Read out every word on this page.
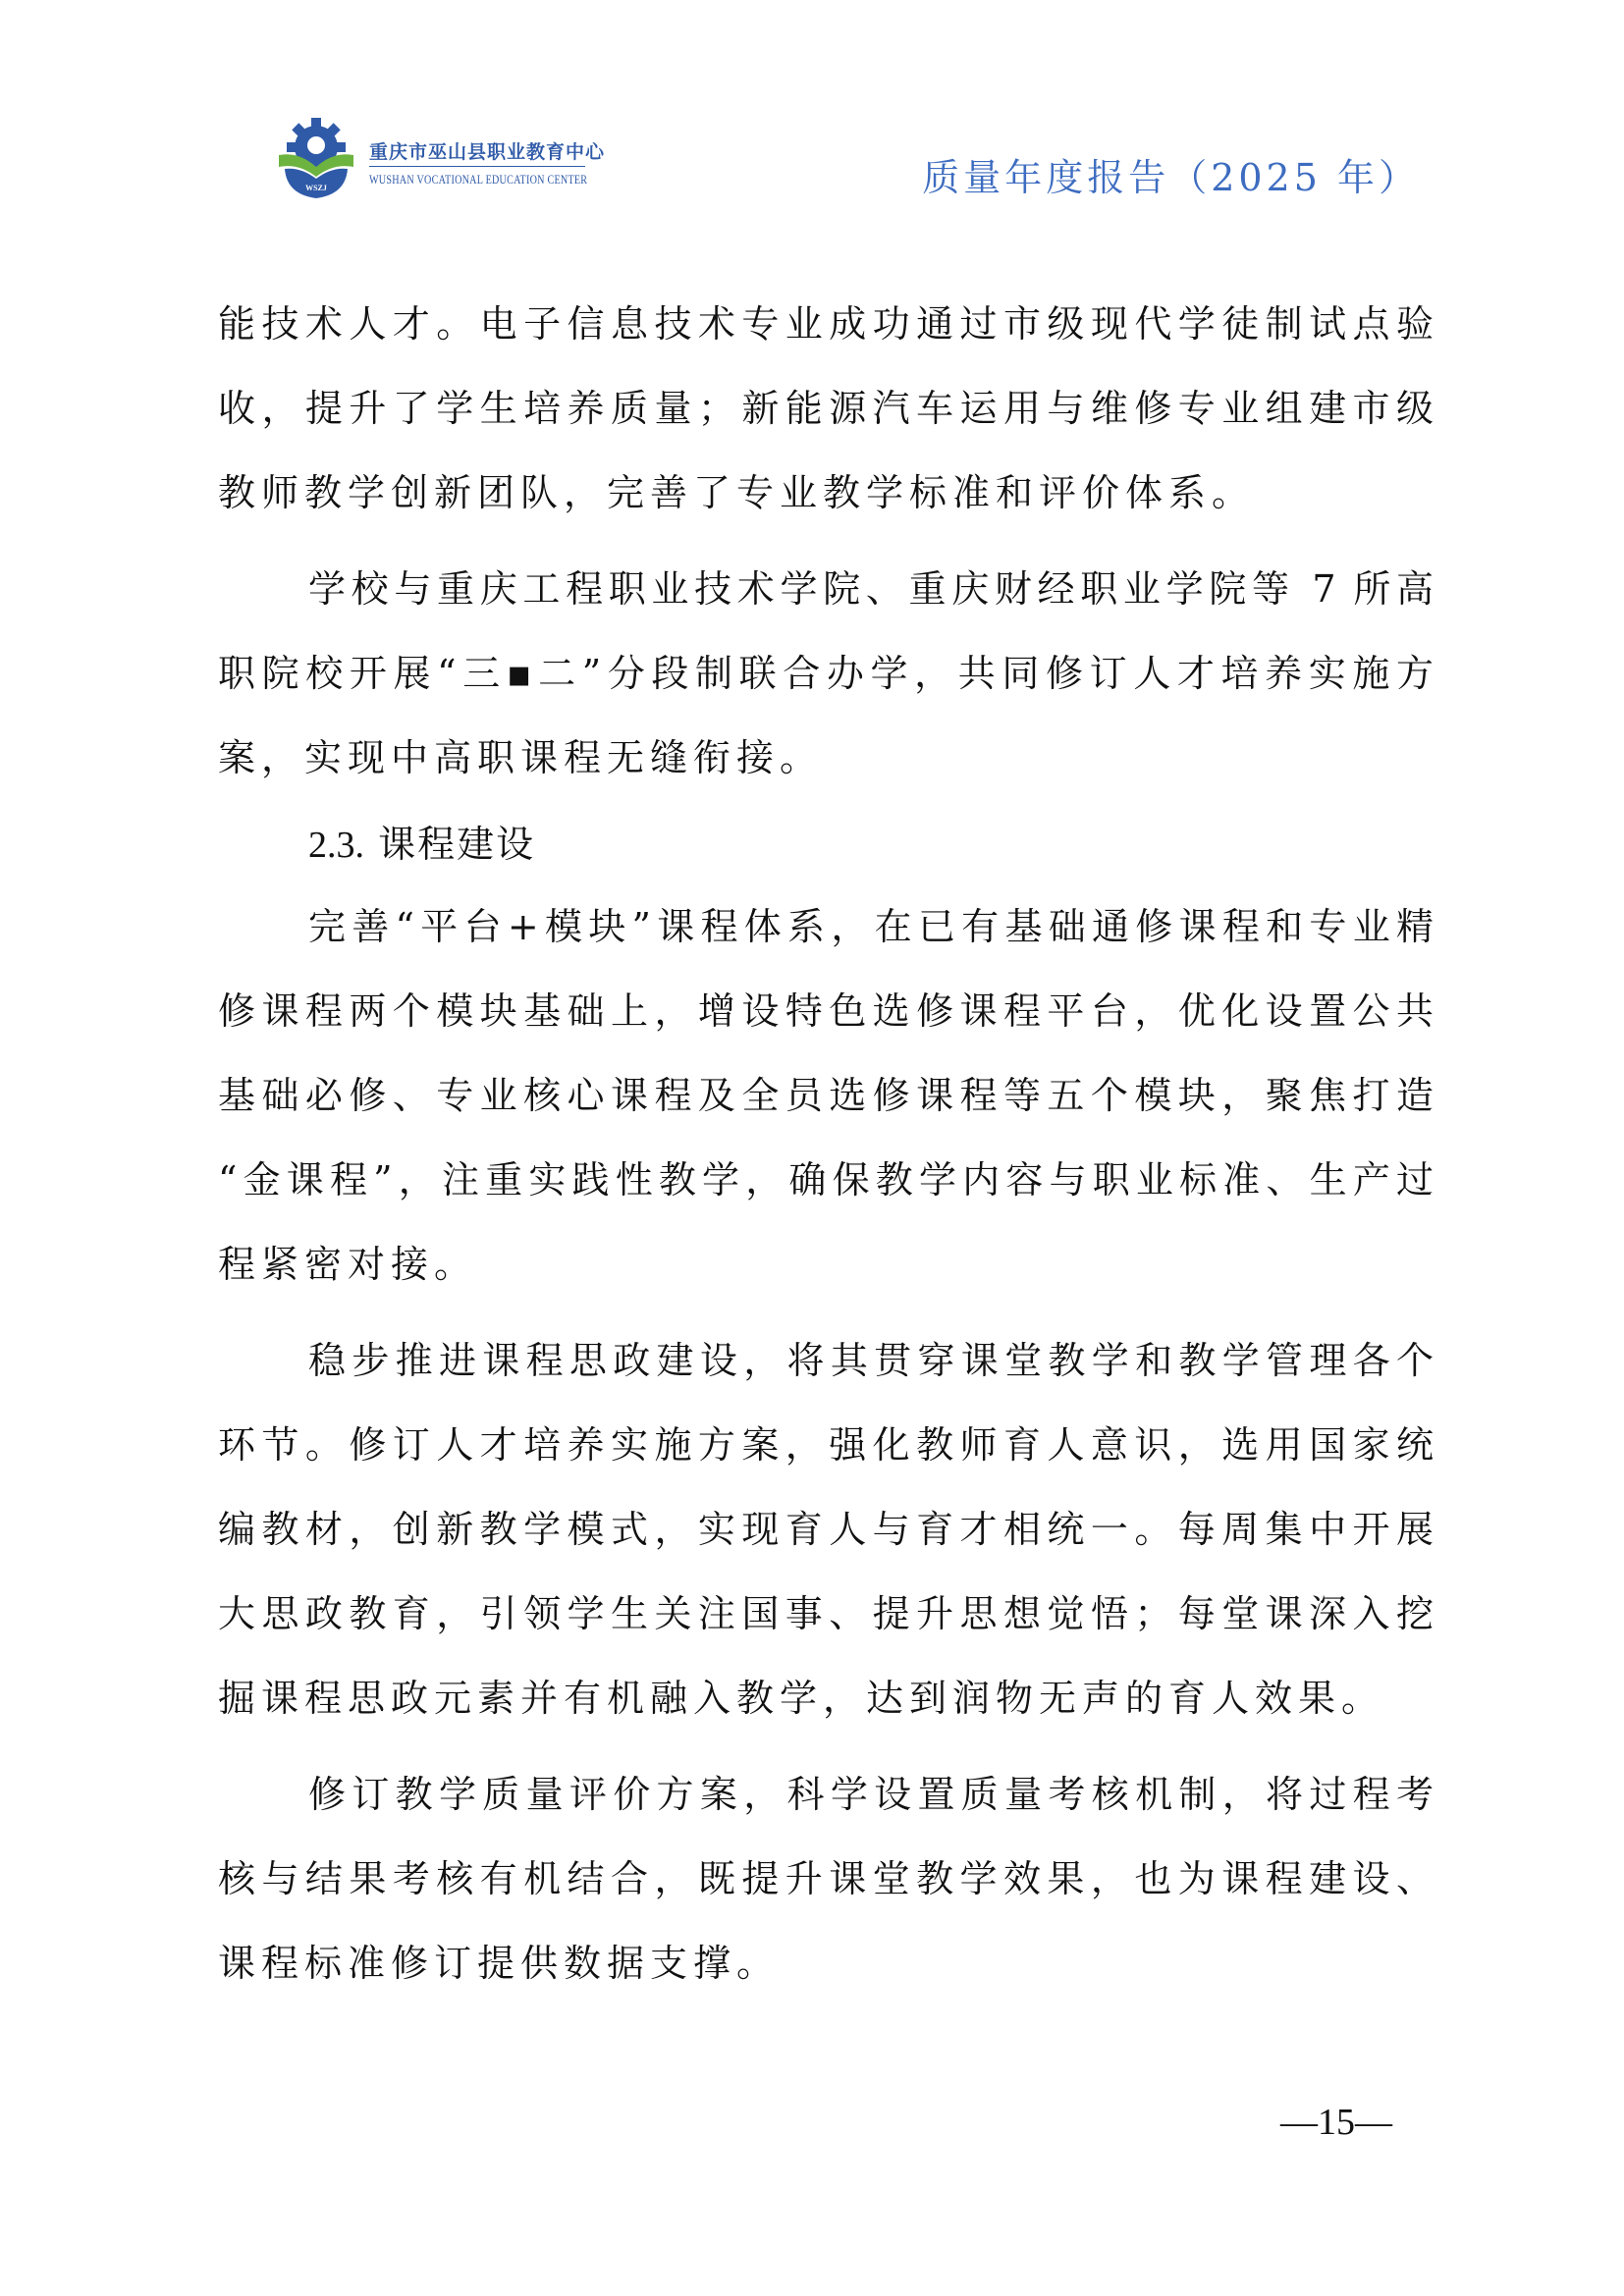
WSZJ
重庆市巫山县职业教育中心
WUSHAN VOCATIONAL EDUCATION CENTER	质量年度报告（2025 年）
能技术人才。电子信息技术专业成功通过市级现代学徒制试点验
收，提升了学生培养质量；新能源汽车运用与维修专业组建市级
教师教学创新团队，完善了专业教学标准和评价体系。
学校与重庆工程职业技术学院、重庆财经职业学院等 7 所高
职院校开展“三▪二”分段制联合办学，共同修订人才培养实施方
案，实现中高职课程无缝衔接。
2.3. 课程建设
完善“平台+模块”课程体系，在已有基础通修课程和专业精
修课程两个模块基础上，增设特色选修课程平台，优化设置公共
基础必修、专业核心课程及全员选修课程等五个模块，聚焦打造
“金课程”，注重实践性教学，确保教学内容与职业标准、生产过
程紧密对接。
稳步推进课程思政建设，将其贯穿课堂教学和教学管理各个
环节。修订人才培养实施方案，强化教师育人意识，选用国家统
编教材，创新教学模式，实现育人与育才相统一。每周集中开展
大思政教育，引领学生关注国事、提升思想觉悟；每堂课深入挖
掘课程思政元素并有机融入教学，达到润物无声的育人效果。
修订教学质量评价方案，科学设置质量考核机制，将过程考
核与结果考核有机结合，既提升课堂教学效果，也为课程建设、
课程标准修订提供数据支撑。
—15—
